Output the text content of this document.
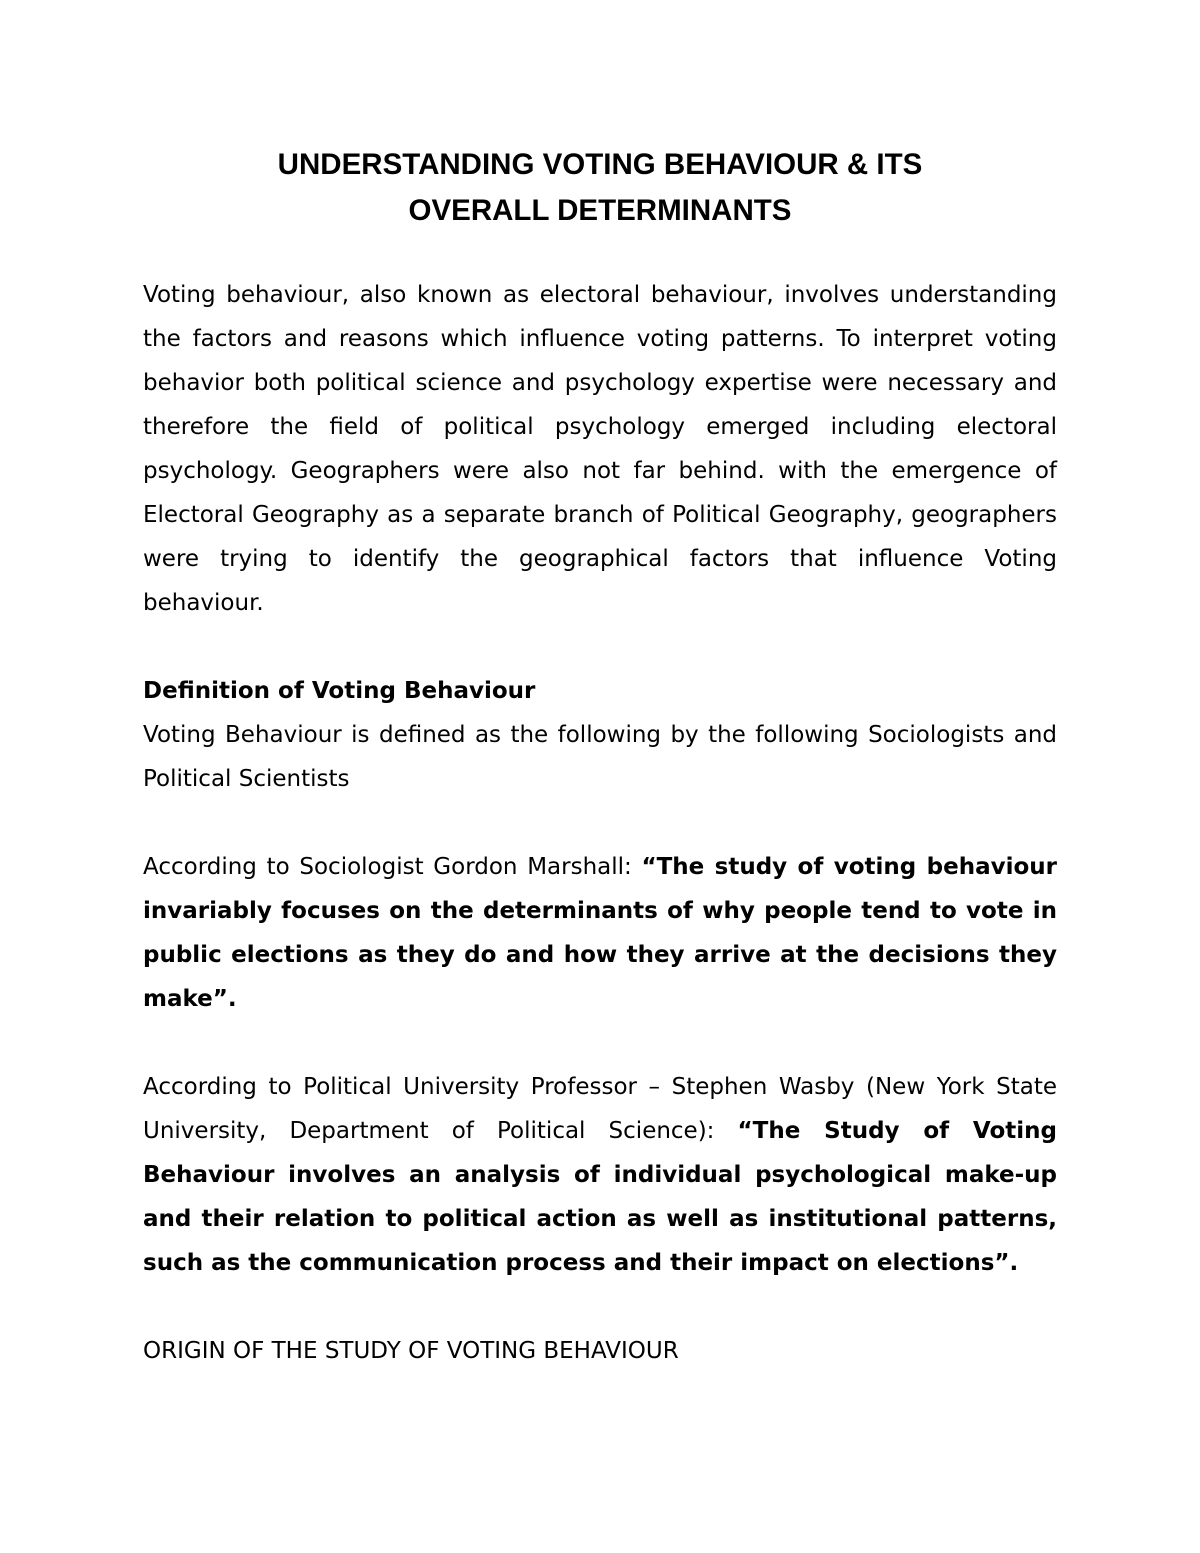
UNDERSTANDING VOTING BEHAVIOUR & ITS
OVERALL DETERMINANTS

Voting behaviour, also known as electoral behaviour, involves understanding the factors and reasons which influence voting patterns. To interpret voting behavior both political science and psychology expertise were necessary and therefore the field of political psychology emerged including electoral psychology. Geographers were also not far behind. with the emergence of Electoral Geography as a separate branch of Political Geography, geographers were trying to identify the geographical factors that influence Voting behaviour.

Definition of Voting Behaviour

Voting Behaviour is defined as the following by the following Sociologists and Political Scientists

According to Sociologist Gordon Marshall: “The study of voting behaviour invariably focuses on the determinants of why people tend to vote in public elections as they do and how they arrive at the decisions they make”.

According to Political University Professor – Stephen Wasby (New York State University, Department of Political Science): “The Study of Voting Behaviour involves an analysis of individual psychological make-up and their relation to political action as well as institutional patterns, such as the communication process and their impact on elections”.

ORIGIN OF THE STUDY OF VOTING BEHAVIOUR
